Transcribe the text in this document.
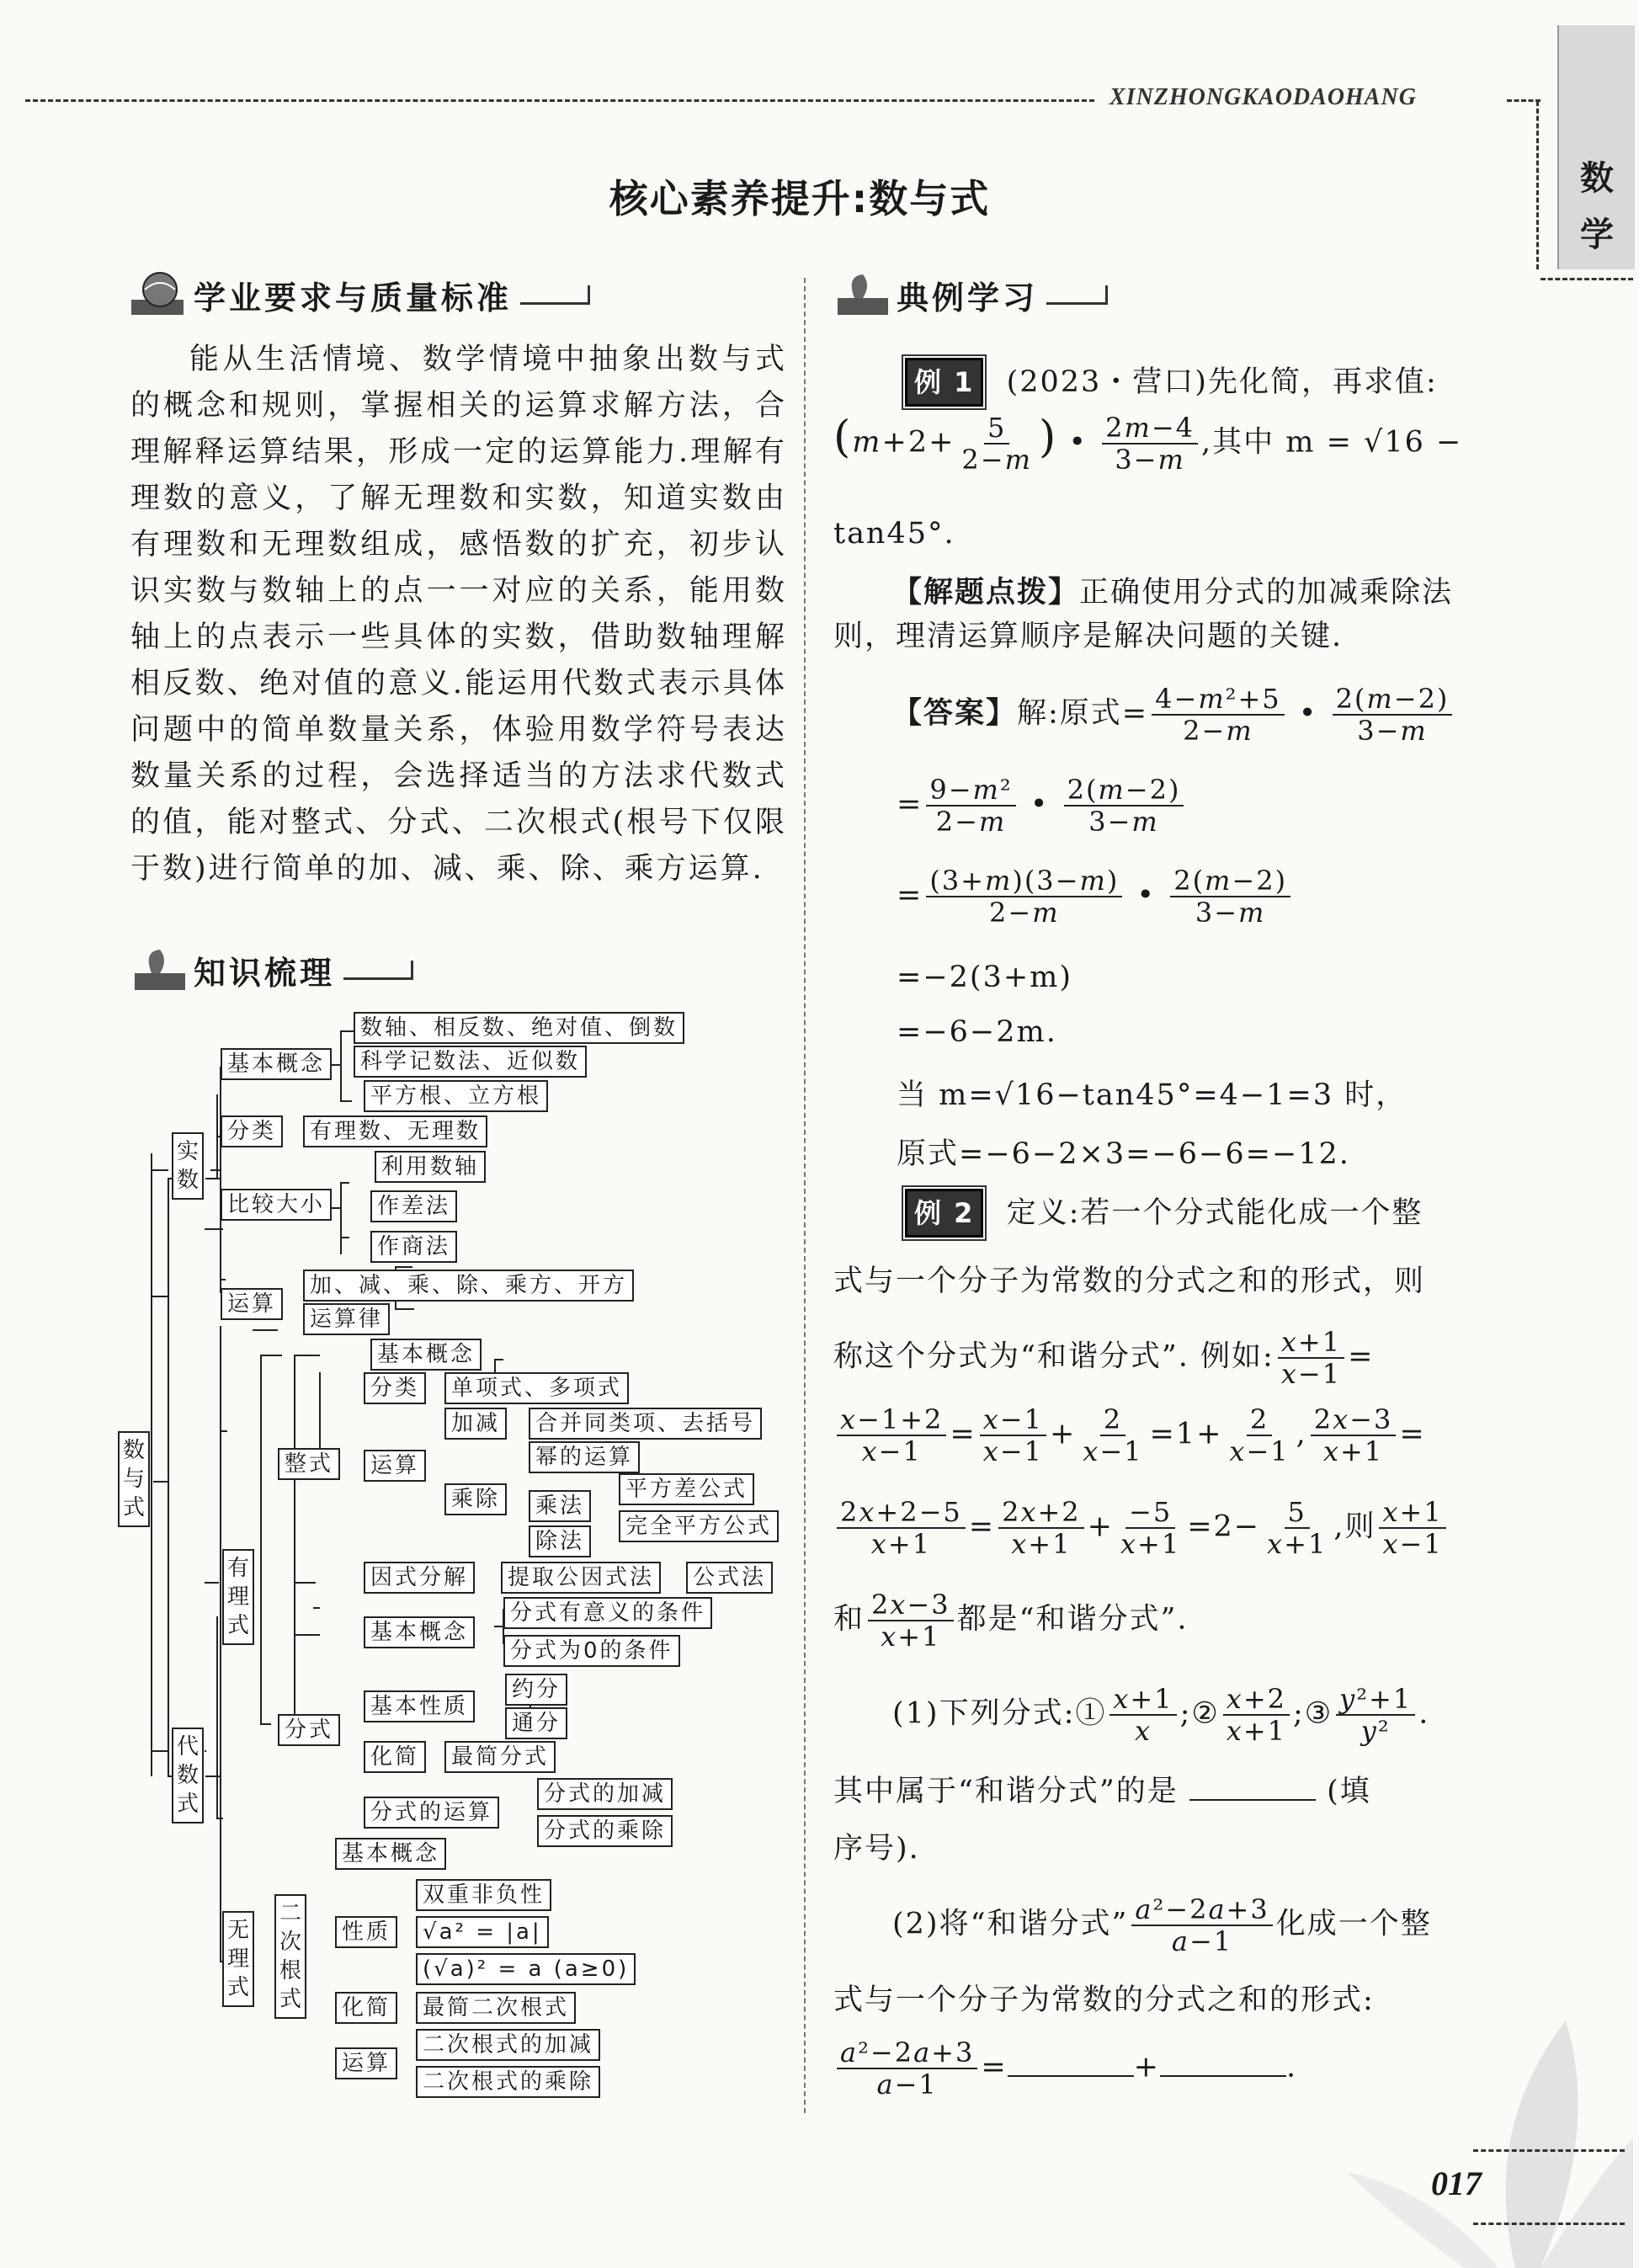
XINZHONGKAODAOHANG
数
学
核心素养提升:数与式
学业要求与质量标准
能从生活情境、数学情境中抽象出数与式的概念和规则，掌握相关的运算求解方法，合理解释运算结果，形成一定的运算能力.理解有理数的意义，了解无理数和实数，知道实数由有理数和无理数组成，感悟数的扩充，初步认识实数与数轴上的点一一对应的关系，能用数轴上的点表示一些具体的实数，借助数轴理解相反数、绝对值的意义.能运用代数式表示具体问题中的简单数量关系，体验用数学符号表达数量关系的过程，会选择适当的方法求代数式的值，能对整式、分式、二次根式(根号下仅限于数)进行简单的加、减、乘、除、乘方运算.
知识梳理
数与式
实数
基本概念
数轴、相反数、绝对值、倒数
科学记数法、近似数
平方根、立方根
分类	有理数、无理数
比较大小
利用数轴
作差法
作商法
运算
加、减、乘、除、乘方、开方
运算律
代数式
有理式
整式
基本概念
分类	单项式、多项式
运算
加减	合并同类项、去括号
幂的运算
乘除	乘法
除法
平方差公式
完全平方公式
因式分解	提取公因式法	公式法
分式
基本概念
分式有意义的条件
分式为0的条件
基本性质
约分
通分
化简	最简分式
分式的运算
分式的加减
分式的乘除
无理式
二次根式
基本概念
性质
双重非负性
√a² = |a|
(√a)² = a (a≥0)
化简	最简二次根式
运算
二次根式的加减
二次根式的乘除
典例学习
例 1 (2023・营口)先化简，再求值:
($m+2+ \frac{5}{2-m}$ ) • $\frac{2m-4}{3-m}$ ,其中 m = √16 −
tan45°.
【解题点拨】正确使用分式的加减乘除法则，理清运算顺序是解决问题的关键.
【答案】解:原式= $\frac{\text{4−m²+5}}{2-m}$ • $\frac{2(m-2)}{3-m}$
= $\frac{\text{9−m²}}{2-m}$ • $\frac{2(m-2)}{3-m}$
= $\frac{(3+m)(3-m)}{2-m}$ • $\frac{2(m-2)}{3-m}$
=−2(3+m)
=−6−2m.
当 m=√16−tan45°=4−1=3 时，
原式=−6−2×3=−6−6=−12.
例 2 定义:若一个分式能化成一个整
式与一个分子为常数的分式之和的形式，则
称这个分式为“和谐分式”. 例如: $\frac{x+1}{x-1}$ =
$\frac{x-1+2}{x-1} = \frac{x-1}{x-1} + \frac{2}{x-1} =1+ \frac{2}{x-1}$ , $\frac{2x-3}{x+1}$ =
$\frac{2x+2-5}{x+1} = \frac{2x+2}{x+1} + \frac{-5}{x+1} =2- \frac{5}{x+1}$ ,则 $\frac{x+1}{x-1}$
和 $\frac{2x-3}{x+1}$ 都是“和谐分式”.
(1)下列分式:① $\frac{x+1}{x}$ ;② $\frac{x+2}{x+1}$ ;③ $\frac{\text{y²+1}}{\text{y²}}$ .
其中属于“和谐分式”的是	(填
序号).
(2)将“和谐分式” $\frac{\text{a²−2a+3}}{a-1}$ 化成一个整
式与一个分子为常数的分式之和的形式:
$\frac{\text{a²−2a+3}}{a-1}$ =	+	.
017
